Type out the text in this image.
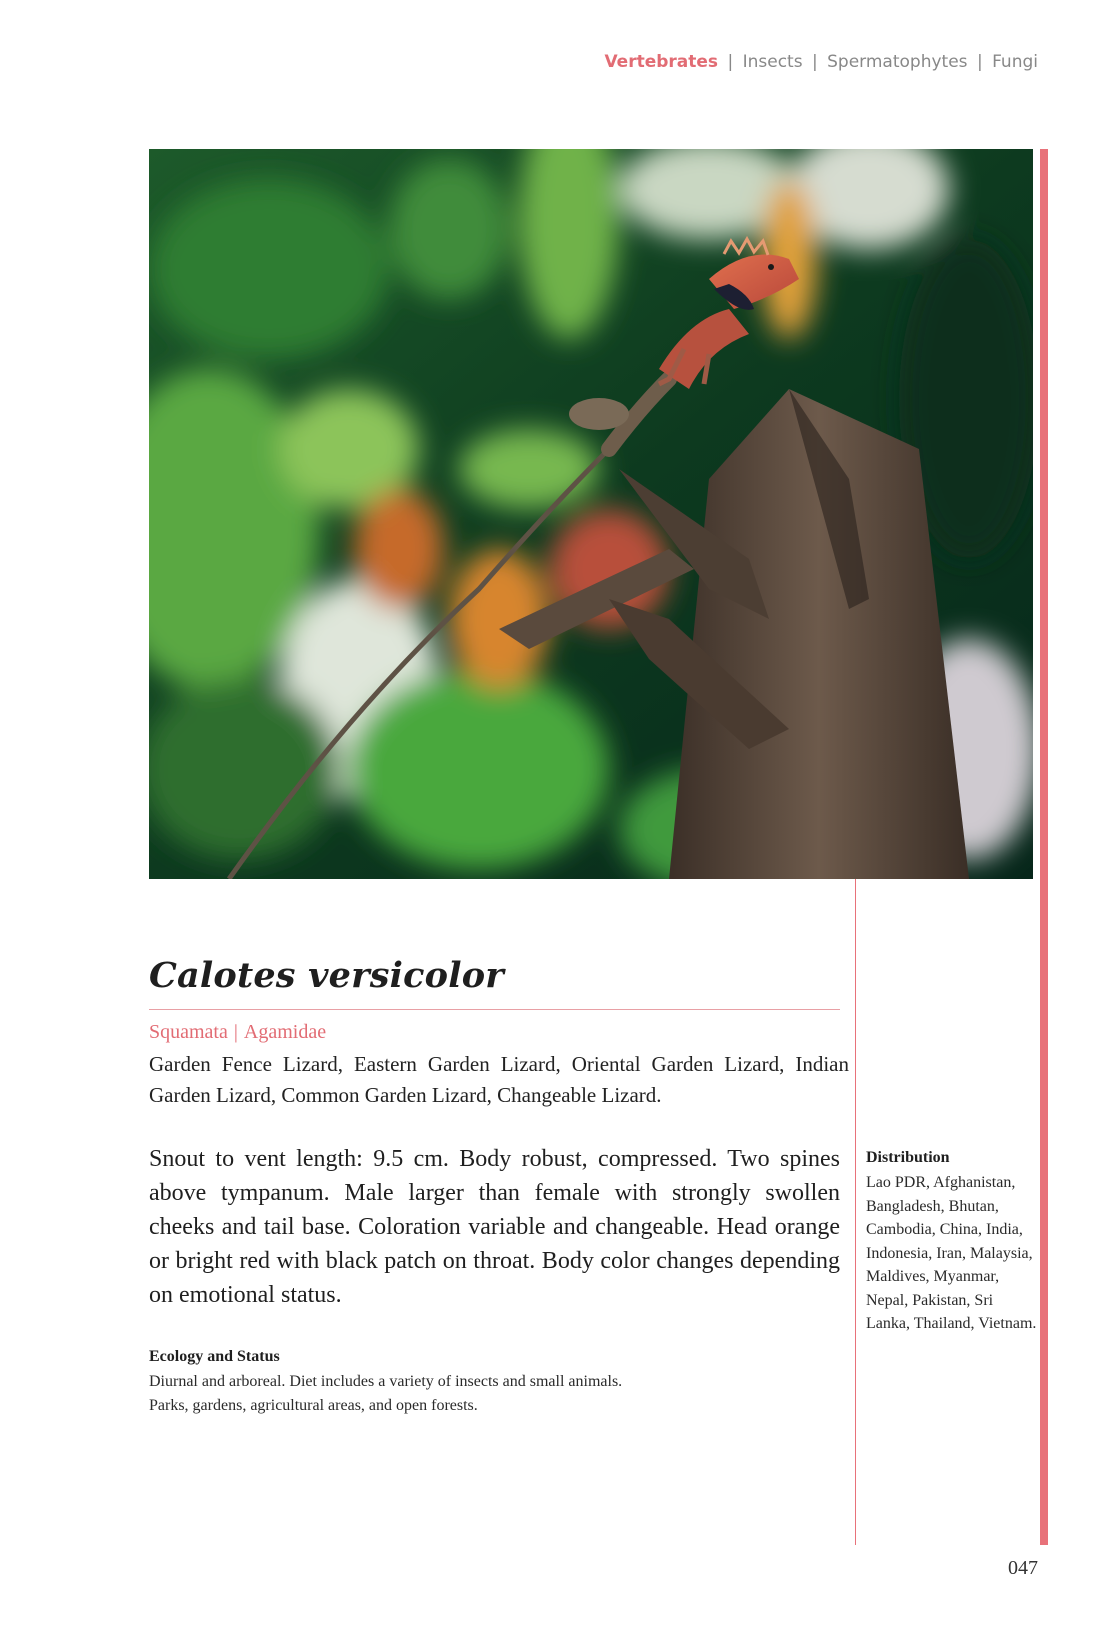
Vertebrates | Insects | Spermatophytes | Fungi
Calotes versicolor
Squamata | Agamidae

Garden Fence Lizard, Eastern Garden Lizard, Oriental Garden Lizard, Indian Garden Lizard, Common Garden Lizard, Changeable Lizard.

Snout to vent length: 9.5 cm. Body robust, compressed. Two spines above tympanum. Male larger than female with strongly swollen cheeks and tail base. Coloration variable and changeable. Head orange or bright red with black patch on throat. Body color changes depending on emotional status.

Ecology and Status
Diurnal and arboreal. Diet includes a variety of insects and small animals.
Parks, gardens, agricultural areas, and open forests.
Distribution

Lao PDR, Afghanistan, Bangladesh, Bhutan, Cambodia, China, India, Indonesia, Iran, Malaysia, Maldives, Myanmar, Nepal, Pakistan, Sri Lanka, Thailand, Vietnam.

047
